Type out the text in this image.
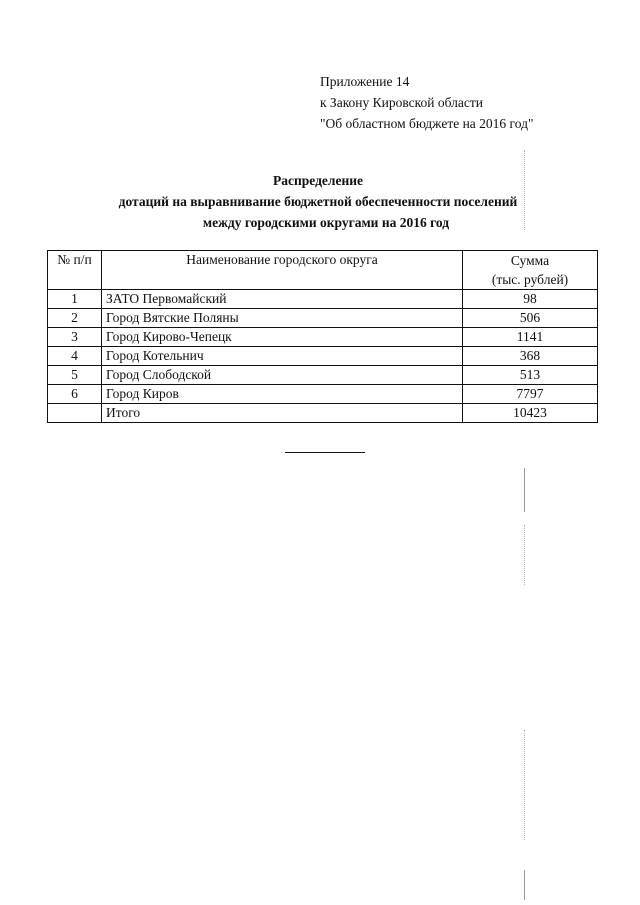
Приложение 14
к Закону Кировской области
"Об областном бюджете на 2016 год"
Распределение
дотаций на выравнивание бюджетной обеспеченности поселений
между городскими округами на 2016 год
№ п/п	Наименование городского округа	Сумма
(тыс. рублей)

1	ЗАТО Первомайский	98
2	Город Вятские Поляны	506
3	Город Кирово-Чепецк	1141
4	Город Котельнич	368
5	Город Слободской	513
6	Город Киров	7797
	Итого	10423
